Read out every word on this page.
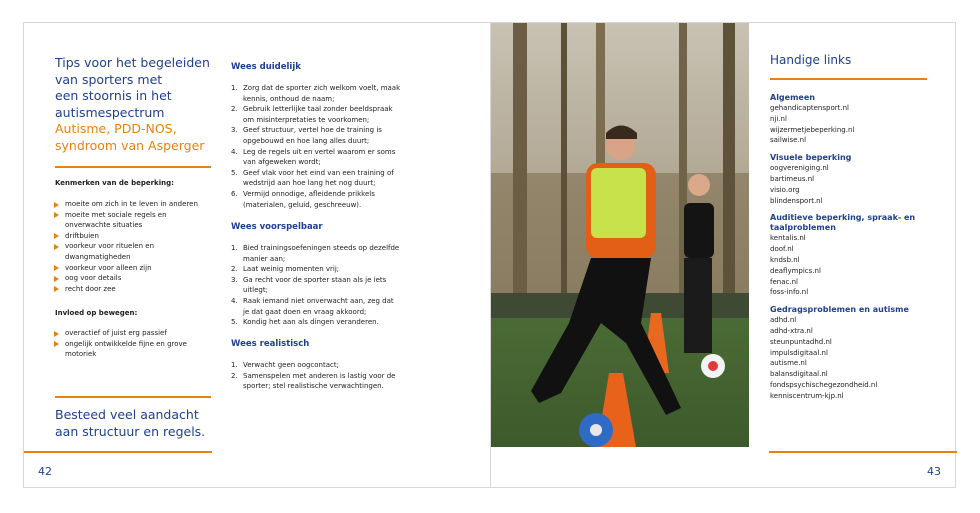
Tips voor het begeleiden
van sporters met
een stoornis in het
autismespectrum
Autisme, PDD-NOS,
syndroom van Asperger
Kenmerken van de beperking:
moeite om zich in te leven in anderen
moeite met sociale regels en onverwachte situaties
driftbuien
voorkeur voor rituelen en dwangmatigheden
voorkeur voor alleen zijn
oog voor details
recht door zee
Invloed op bewegen:
overactief of juist erg passief
ongelijk ontwikkelde fijne en grove motoriek
Besteed veel aandacht
aan structuur en regels.
Wees duidelijk
1. Zorg dat de sporter zich welkom voelt, maak kennis, onthoud de naam;
2. Gebruik letterlijke taal zonder beeldspraak om misinterpretaties te voorkomen;
3. Geef structuur, vertel hoe de training is opgebouwd en hoe lang alles duurt;
4. Leg de regels uit en vertel waarom er soms van afgeweken wordt;
5. Geef vlak voor het eind van een training of wedstrijd aan hoe lang het nog duurt;
6. Vermijd onnodige, afleidende prikkels (materialen, geluid, geschreeuw).
Wees voorspelbaar
1. Bied trainingsoefeningen steeds op dezelfde manier aan;
2. Laat weinig momenten vrij;
3. Ga recht voor de sporter staan als je iets uitlegt;
4. Raak iemand niet onverwacht aan, zeg dat je dat gaat doen en vraag akkoord;
5. Kondig het aan als dingen veranderen.
Wees realistisch
1. Verwacht geen oogcontact;
2. Samenspelen met anderen is lastig voor de sporter; stel realistische verwachtingen.
42
Handige links
Algemeen
gehandicaptensport.nl
nji.nl
wijzermetjebeperking.nl
sailwise.nl
Visuele beperking
oogvereniging.nl
bartimeus.nl
visio.org
blindensport.nl
Auditieve beperking, spraak- en taalproblemen
kentalis.nl
doof.nl
kndsb.nl
deaflympics.nl
fenac.nl
foss-info.nl
Gedragsproblemen en autisme
adhd.nl
adhd-xtra.nl
steunpuntadhd.nl
impulsdigitaal.nl
autisme.nl
balansdigitaal.nl
fondspsychischegezondheid.nl
kenniscentrum-kjp.nl
43
